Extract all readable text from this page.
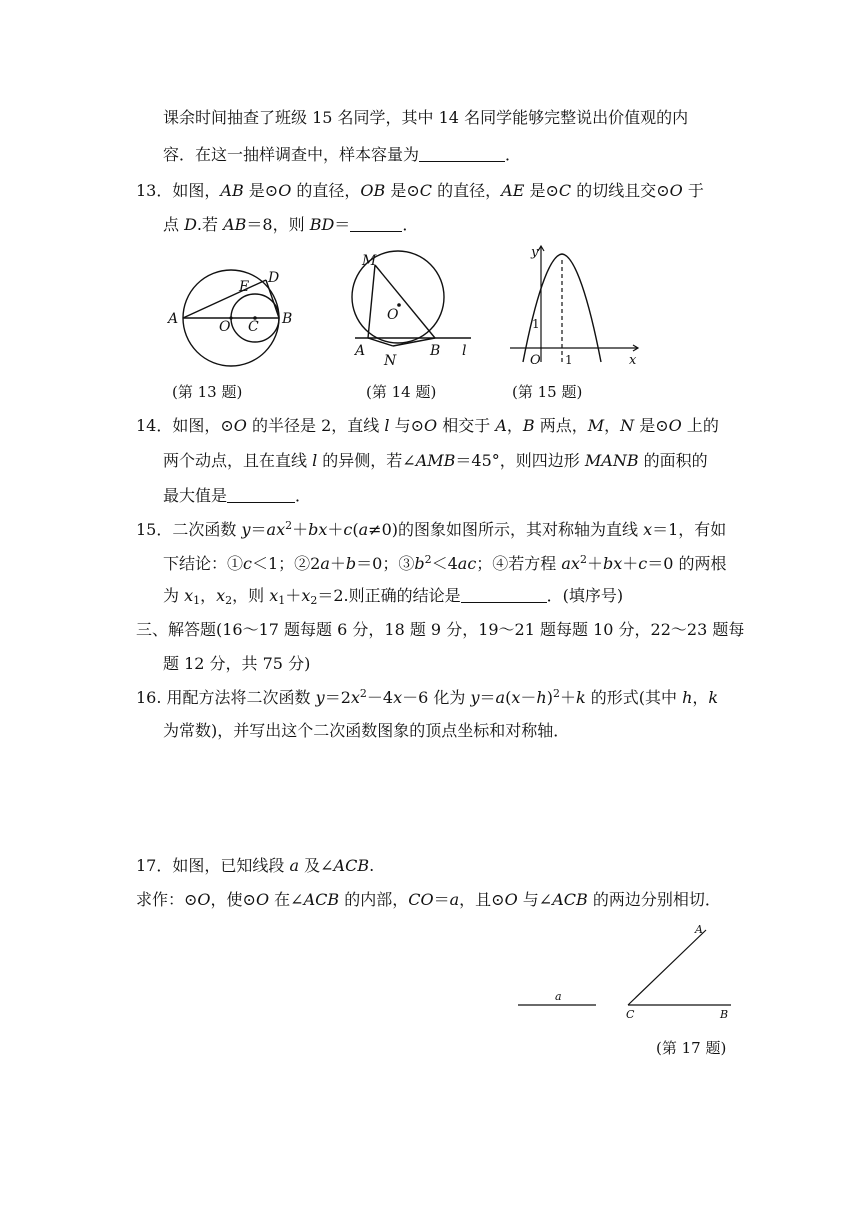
课余时间抽查了班级 15 名同学，其中 14 名同学能够完整说出价值观的内
容．在这一抽样调查中，样本容量为	．
13．如图，AB 是⊙O 的直径，OB 是⊙C 的直径，AE 是⊙C 的切线且交⊙O 于
点 D.若 AB＝8，则 BD＝	．
A	O C B
D
E
M
O
A
N
B l
y
x
O 1
1
(第 13 题)	(第 14 题)	(第 15 题)
14．如图，⊙O 的半径是 2，直线 l 与⊙O 相交于 A，B 两点，M，N 是⊙O 上的
两个动点，且在直线 l 的异侧，若∠AMB＝45°，则四边形 MANB 的面积的
最大值是	．
15．二次函数 $y=ax^2+bx+c(a\ne 0)$的图象如图所示，其对称轴为直线 x＝1，有如
下结论：①c＜1；②2a＋b＝0；$③b^2<4ac$；④若方程 $ax^2+bx+c=0$ 的两根
为 $x_1$，$x_2$，则 $x_1+x_2=2$.则正确的结论是	．(填序号)
三、解答题(16～17 题每题 6 分，18 题 9 分，19～21 题每题 10 分，22～23 题每
题 12 分，共 75 分)
16. 用配方法将二次函数 $y=2x^2-4x-6$ 化为 $y=a(x-h)^2+k$ 的形式(其中 h，k
为常数)，并写出这个二次函数图象的顶点坐标和对称轴．
17．如图，已知线段 a 及∠ACB.
求作：⊙O，使⊙O 在∠ACB 的内部，CO＝a，且⊙O 与∠ACB 的两边分别相切．
a
A
C	B
(第 17 题)
